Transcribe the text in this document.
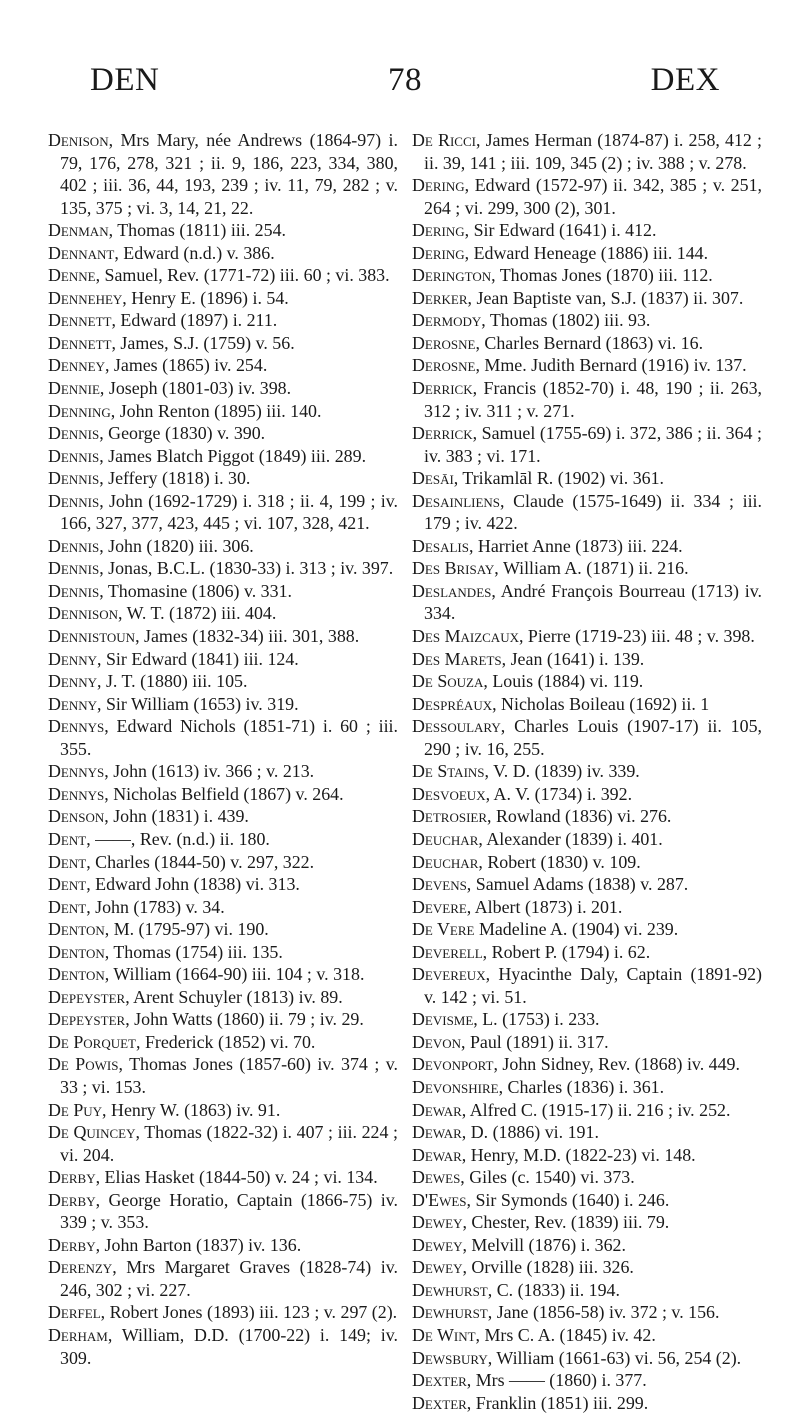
DEN	78	DEX
Denison, Mrs Mary, née Andrews (1864-97) i. 79, 176, 278, 321 ; ii. 9, 186, 223, 334, 380, 402 ; iii. 36, 44, 193, 239 ; iv. 11, 79, 282 ; v. 135, 375 ; vi. 3, 14, 21, 22.
Denman, Thomas (1811) iii. 254.
Dennant, Edward (n.d.) v. 386.
Denne, Samuel, Rev. (1771-72) iii. 60 ; vi. 383.
Dennehey, Henry E. (1896) i. 54.
Dennett, Edward (1897) i. 211.
Dennett, James, S.J. (1759) v. 56.
Denney, James (1865) iv. 254.
Dennie, Joseph (1801-03) iv. 398.
Denning, John Renton (1895) iii. 140.
Dennis, George (1830) v. 390.
Dennis, James Blatch Piggot (1849) iii. 289.
Dennis, Jeffery (1818) i. 30.
Dennis, John (1692-1729) i. 318 ; ii. 4, 199 ; iv. 166, 327, 377, 423, 445 ; vi. 107, 328, 421.
Dennis, John (1820) iii. 306.
Dennis, Jonas, B.C.L. (1830-33) i. 313 ; iv. 397.
Dennis, Thomasine (1806) v. 331.
Dennison, W. T. (1872) iii. 404.
Dennistoun, James (1832-34) iii. 301, 388.
Denny, Sir Edward (1841) iii. 124.
Denny, J. T. (1880) iii. 105.
Denny, Sir William (1653) iv. 319.
Dennys, Edward Nichols (1851-71) i. 60 ; iii. 355.
Dennys, John (1613) iv. 366 ; v. 213.
Dennys, Nicholas Belfield (1867) v. 264.
Denson, John (1831) i. 439.
Dent, ——, Rev. (n.d.) ii. 180.
Dent, Charles (1844-50) v. 297, 322.
Dent, Edward John (1838) vi. 313.
Dent, John (1783) v. 34.
Denton, M. (1795-97) vi. 190.
Denton, Thomas (1754) iii. 135.
Denton, William (1664-90) iii. 104 ; v. 318.
Depeyster, Arent Schuyler (1813) iv. 89.
Depeyster, John Watts (1860) ii. 79 ; iv. 29.
De Porquet, Frederick (1852) vi. 70.
De Powis, Thomas Jones (1857-60) iv. 374 ; v. 33 ; vi. 153.
De Puy, Henry W. (1863) iv. 91.
De Quincey, Thomas (1822-32) i. 407 ; iii. 224 ; vi. 204.
Derby, Elias Hasket (1844-50) v. 24 ; vi. 134.
Derby, George Horatio, Captain (1866-75) iv. 339 ; v. 353.
Derby, John Barton (1837) iv. 136.
Derenzy, Mrs Margaret Graves (1828-74) iv. 246, 302 ; vi. 227.
Derfel, Robert Jones (1893) iii. 123 ; v. 297 (2).
Derham, William, D.D. (1700-22) i. 149; iv. 309.
De Ricci, James Herman (1874-87) i. 258, 412 ; ii. 39, 141 ; iii. 109, 345 (2) ; iv. 388 ; v. 278.
Dering, Edward (1572-97) ii. 342, 385 ; v. 251, 264 ; vi. 299, 300 (2), 301.
Dering, Sir Edward (1641) i. 412.
Dering, Edward Heneage (1886) iii. 144.
Derington, Thomas Jones (1870) iii. 112.
Derker, Jean Baptiste van, S.J. (1837) ii. 307.
Dermody, Thomas (1802) iii. 93.
Derosne, Charles Bernard (1863) vi. 16.
Derosne, Mme. Judith Bernard (1916) iv. 137.
Derrick, Francis (1852-70) i. 48, 190 ; ii. 263, 312 ; iv. 311 ; v. 271.
Derrick, Samuel (1755-69) i. 372, 386 ; ii. 364 ; iv. 383 ; vi. 171.
Desāi, Trikamlāl R. (1902) vi. 361.
Desainliens, Claude (1575-1649) ii. 334 ; iii. 179 ; iv. 422.
Desalis, Harriet Anne (1873) iii. 224.
Des Brisay, William A. (1871) ii. 216.
Deslandes, André François Bourreau (1713) iv. 334.
Des Maizcaux, Pierre (1719-23) iii. 48 ; v. 398.
Des Marets, Jean (1641) i. 139.
De Souza, Louis (1884) vi. 119.
Despréaux, Nicholas Boileau (1692) ii. 1
Dessoulary, Charles Louis (1907-17) ii. 105, 290 ; iv. 16, 255.
De Stains, V. D. (1839) iv. 339.
Desvoeux, A. V. (1734) i. 392.
Detrosier, Rowland (1836) vi. 276.
Deuchar, Alexander (1839) i. 401.
Deuchar, Robert (1830) v. 109.
Devens, Samuel Adams (1838) v. 287.
Devere, Albert (1873) i. 201.
De Vere Madeline A. (1904) vi. 239.
Deverell, Robert P. (1794) i. 62.
Devereux, Hyacinthe Daly, Captain (1891-92) v. 142 ; vi. 51.
Devisme, L. (1753) i. 233.
Devon, Paul (1891) ii. 317.
Devonport, John Sidney, Rev. (1868) iv. 449.
Devonshire, Charles (1836) i. 361.
Dewar, Alfred C. (1915-17) ii. 216 ; iv. 252.
Dewar, D. (1886) vi. 191.
Dewar, Henry, M.D. (1822-23) vi. 148.
Dewes, Giles (c. 1540) vi. 373.
D'Ewes, Sir Symonds (1640) i. 246.
Dewey, Chester, Rev. (1839) iii. 79.
Dewey, Melvill (1876) i. 362.
Dewey, Orville (1828) iii. 326.
Dewhurst, C. (1833) ii. 194.
Dewhurst, Jane (1856-58) iv. 372 ; v. 156.
De Wint, Mrs C. A. (1845) iv. 42.
Dewsbury, William (1661-63) vi. 56, 254 (2).
Dexter, Mrs —— (1860) i. 377.
Dexter, Franklin (1851) iii. 299.
